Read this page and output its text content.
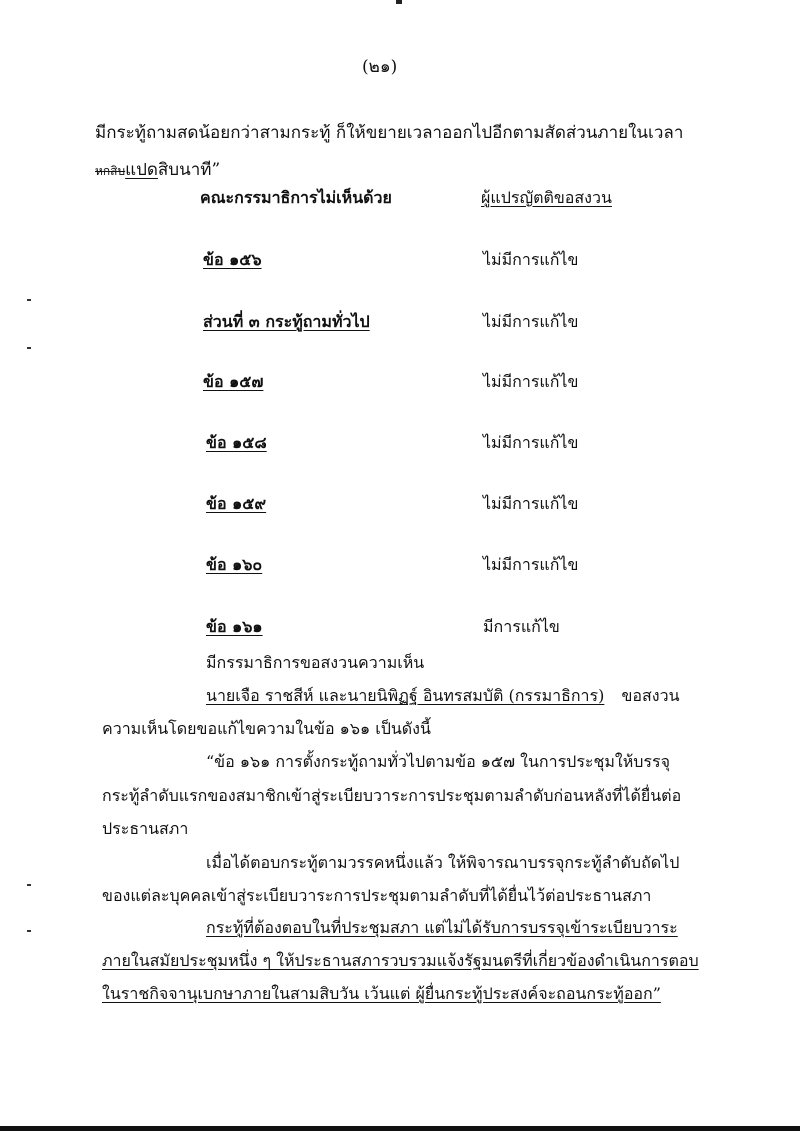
(๒๑)
มีกระทู้ถามสดน้อยกว่าสามกระทู้ ก็ให้ขยายเวลาออกไปอีกตามสัดส่วนภายในเวลา
หกสิบแปดสิบนาที”
คณะกรรมาธิการไม่เห็นด้วย	ผู้แปรญัตติขอสงวน
ข้อ ๑๕๖	ไม่มีการแก้ไข
ส่วนที่ ๓ กระทู้ถามทั่วไป	ไม่มีการแก้ไข
ข้อ ๑๕๗	ไม่มีการแก้ไข
ข้อ ๑๕๘	ไม่มีการแก้ไข
ข้อ ๑๕๙	ไม่มีการแก้ไข
ข้อ ๑๖๐	ไม่มีการแก้ไข
ข้อ ๑๖๑	มีการแก้ไข
มีกรรมาธิการขอสงวนความเห็น
นายเจือ ราชสีห์ และนายนิพิฏฐ์ อินทรสมบัติ (กรรมาธิการ) ขอสงวน
ความเห็นโดยขอแก้ไขความในข้อ ๑๖๑ เป็นดังนี้
“ข้อ ๑๖๑ การตั้งกระทู้ถามทั่วไปตามข้อ ๑๕๗ ในการประชุมให้บรรจุ
กระทู้ลำดับแรกของสมาชิกเข้าสู่ระเบียบวาระการประชุมตามลำดับก่อนหลังที่ได้ยื่นต่อ
ประธานสภา
เมื่อได้ตอบกระทู้ตามวรรคหนึ่งแล้ว ให้พิจารณาบรรจุกระทู้ลำดับถัดไป
ของแต่ละบุคคลเข้าสู่ระเบียบวาระการประชุมตามลำดับที่ได้ยื่นไว้ต่อประธานสภา
กระทู้ที่ต้องตอบในที่ประชุมสภา แต่ไม่ได้รับการบรรจุเข้าระเบียบวาระ
ภายในสมัยประชุมหนึ่ง ๆ ให้ประธานสภารวบรวมแจ้งรัฐมนตรีที่เกี่ยวข้องดำเนินการตอบ
ในราชกิจจานุเบกษาภายในสามสิบวัน เว้นแต่ ผู้ยื่นกระทู้ประสงค์จะถอนกระทู้ออก”
